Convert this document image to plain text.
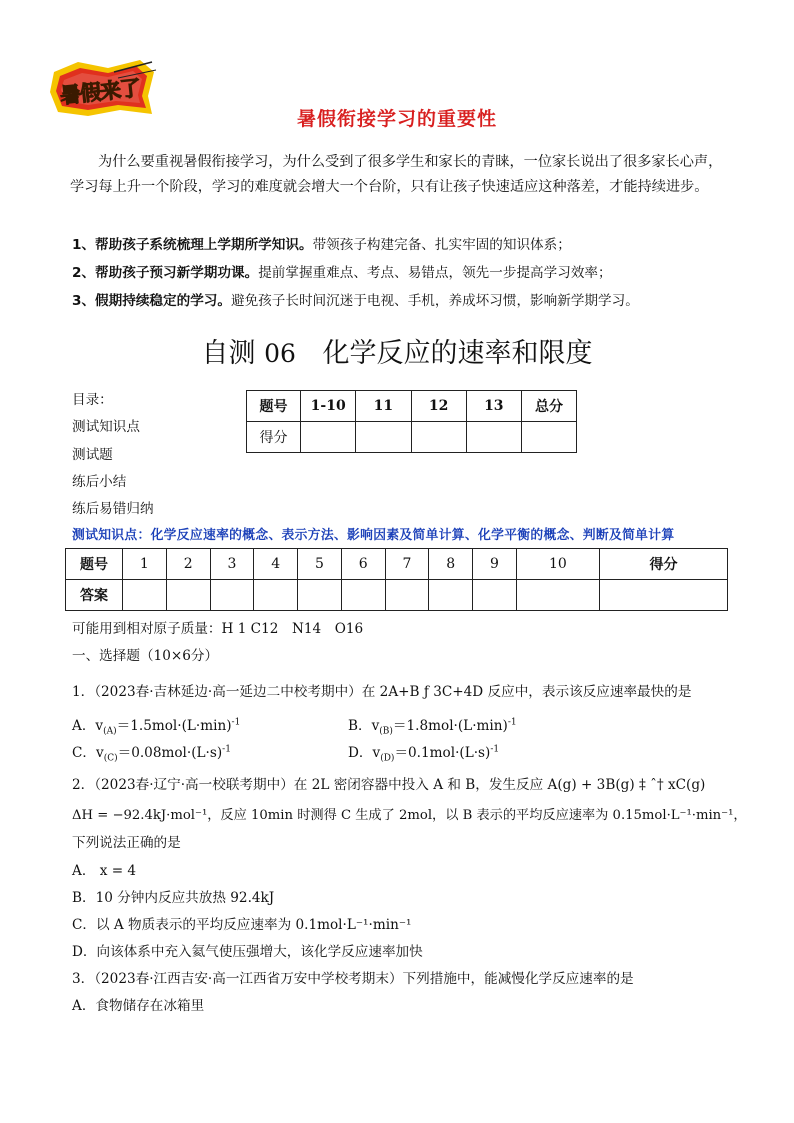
暑假来了
暑假衔接学习的重要性
为什么要重视暑假衔接学习，为什么受到了很多学生和家长的青睐，一位家长说出了很多家长心声，学习每上升一个阶段，学习的难度就会增大一个台阶，只有让孩子快速适应这种落差，才能持续进步。
1、帮助孩子系统梳理上学期所学知识。带领孩子构建完备、扎实牢固的知识体系；
2、帮助孩子预习新学期功课。提前掌握重难点、考点、易错点，领先一步提高学习效率；
3、假期持续稳定的学习。避免孩子长时间沉迷于电视、手机，养成坏习惯，影响新学期学习。
自测 06 化学反应的速率和限度
目录：
测试知识点
测试题
练后小结
练后易错归纳
题号	1-10	11	12	13	总分
得分					
测试知识点：化学反应速率的概念、表示方法、影响因素及简单计算、化学平衡的概念、判断及简单计算
题号	1	2	3	4	5	6	7	8	9	10	得分
答案											
可能用到相对原子质量：H 1 C12　N14　O16
一、选择题（10×6分）
1．（2023春·吉林延边·高一延边二中校考期中）在 2A+B ƒ 3C+4D 反应中，表示该反应速率最快的是
A．$v_{(A)}=1.5mol\cdot(L\cdot\min)^{-1}$	B．$v_{(B)}=1.8mol\cdot(L\cdot\min)^{-1}$
C．$v_{(C)}=0.08mol\cdot(L\cdot s)^{-1}$	D．$v_{(D)}=0.1mol\cdot(L\cdot s)^{-1}$
2．（2023春·辽宁·高一校联考期中）在 2L 密闭容器中投入 A 和 B，发生反应 A(g) + 3B(g) ‡ ˆ† xC(g)
ΔH = −92.4kJ·mol⁻¹，反应 10min 时测得 C 生成了 2mol，以 B 表示的平均反应速率为 0.15mol·L⁻¹·min⁻¹，
下列说法正确的是
A． x = 4
B．10 分钟内反应共放热 92.4kJ
C．以 A 物质表示的平均反应速率为 0.1mol·L⁻¹·min⁻¹
D．向该体系中充入氦气使压强增大，该化学反应速率加快
3．（2023春·江西吉安·高一江西省万安中学校考期末）下列措施中，能减慢化学反应速率的是
A．食物储存在冰箱里
